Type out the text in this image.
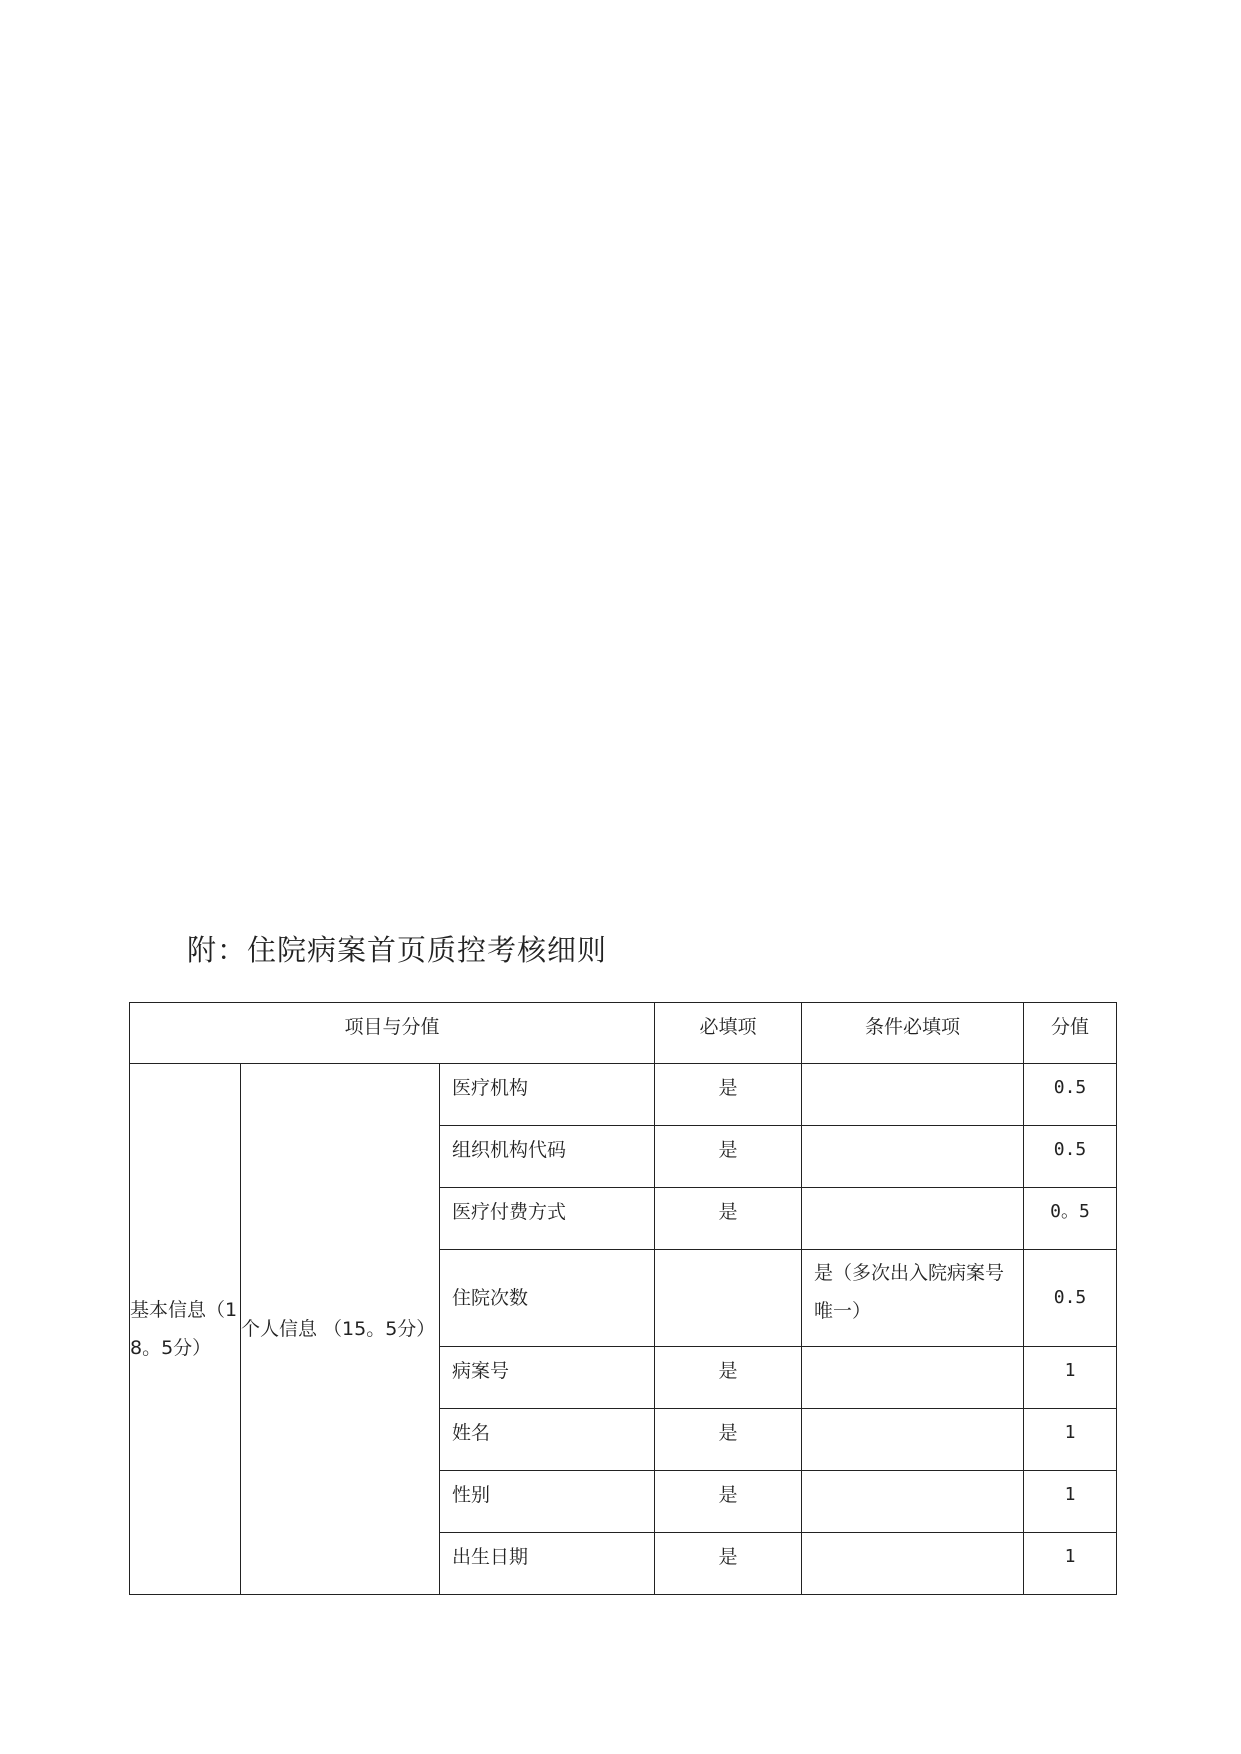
附：住院病案首页质控考核细则
项目与分值			必填项	条件必填项	分值

基本信息（18。5分）	个人信息 （15。5分）	医疗机构	是		0.5

		组织机构代码	是		0.5

		医疗付费方式	是		0。5

		住院次数		是（多次出入院病案号唯一）	0.5

		病案号	是		1

		姓名	是		1

		性别	是		1

		出生日期	是		1
